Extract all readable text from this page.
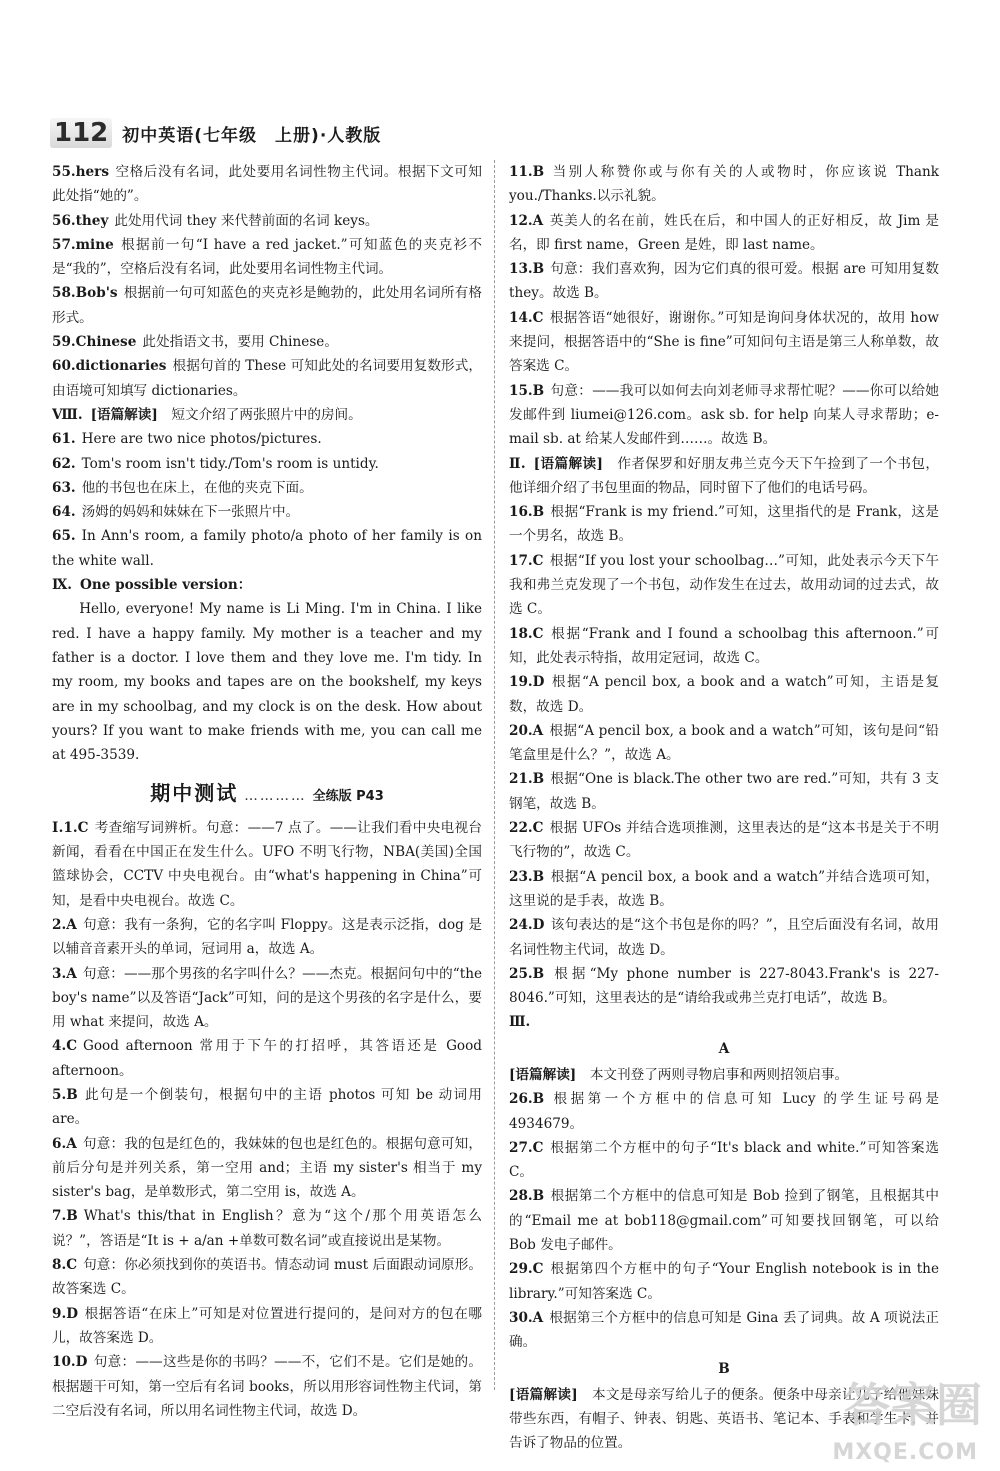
112 初中英语(七年级　上册)·人教版

55.hers 空格后没有名词，此处要用名词性物主代词。根据下文可知此处指“她的”。

56.they 此处用代词 they 来代替前面的名词 keys。

57.mine 根据前一句“I have a red jacket.”可知蓝色的夹克衫不是“我的”，空格后没有名词，此处要用名词性物主代词。

58.Bob's 根据前一句可知蓝色的夹克衫是鲍勃的，此处用名词所有格形式。

59.Chinese 此处指语文书，要用 Chinese。

60.dictionaries 根据句首的 These 可知此处的名词要用复数形式，由语境可知填写 dictionaries。

Ⅷ. [语篇解读]　 短文介绍了两张照片中的房间。

61. Here are two nice photos/pictures.

62. Tom's room isn't tidy./Tom's room is untidy.

63. 他的书包也在床上，在他的夹克下面。

64. 汤姆的妈妈和妹妹在下一张照片中。

65. In Ann's room, a family photo/a photo of her family is on the white wall.

Ⅸ. One possible version：

Hello, everyone! My name is Li Ming. I'm in China. I like red. I have a happy family. My mother is a teacher and my father is a doctor. I love them and they love me. I'm tidy. In my room, my books and tapes are on the bookshelf, my keys are in my schoolbag, and my clock is on the desk. How about yours? If you want to make friends with me, you can call me at 495-3539.

期中测试 ………… 全练版 P43

Ⅰ.1.C 考查缩写词辨析。句意：——7 点了。——让我们看中央电视台新闻，看看在中国正在发生什么。UFO 不明飞行物，NBA(美国)全国篮球协会，CCTV 中央电视台。由“what's happening in China”可知，是看中央电视台。故选 C。

2.A 句意：我有一条狗，它的名字叫 Floppy。这是表示泛指，dog 是以辅音音素开头的单词，冠词用 a，故选 A。

3.A 句意：——那个男孩的名字叫什么？——杰克。根据问句中的“the boy's name”以及答语“Jack”可知，问的是这个男孩的名字是什么，要用 what 来提问，故选 A。

4.C Good afternoon 常用于下午的打招呼，其答语还是 Good afternoon。

5.B 此句是一个倒装句，根据句中的主语 photos 可知 be 动词用 are。

6.A 句意：我的包是红色的，我妹妹的包也是红色的。根据句意可知，前后分句是并列关系，第一空用 and；主语 my sister's 相当于 my sister's bag，是单数形式，第二空用 is，故选 A。

7.B What's this/that in English？意为“这个/那个用英语怎么说？”，答语是“It is + a/an +单数可数名词”或直接说出是某物。

8.C 句意：你必须找到你的英语书。情态动词 must 后面跟动词原形。故答案选 C。

9.D 根据答语“在床上”可知是对位置进行提问的，是问对方的包在哪儿，故答案选 D。

10.D 句意：——这些是你的书吗？——不，它们不是。它们是她的。根据题干可知，第一空后有名词 books，所以用形容词性物主代词，第二空后没有名词，所以用名词性物主代词，故选 D。

11.B 当别人称赞你或与你有关的人或物时，你应该说 Thank you./Thanks.以示礼貌。

12.A 英美人的名在前，姓氏在后，和中国人的正好相反，故 Jim 是名，即 first name，Green 是姓，即 last name。

13.B 句意：我们喜欢狗，因为它们真的很可爱。根据 are 可知用复数 they。故选 B。

14.C 根据答语“她很好，谢谢你。”可知是询问身体状况的，故用 how 来提问，根据答语中的“She is fine”可知问句主语是第三人称单数，故答案选 C。

15.B 句意：——我可以如何去向刘老师寻求帮忙呢？——你可以给她发邮件到 liumei@126.com。ask sb. for help 向某人寻求帮助；e-mail sb. at 给某人发邮件到……。故选 B。

Ⅱ. [语篇解读]　 作者保罗和好朋友弗兰克今天下午捡到了一个书包，他详细介绍了书包里面的物品，同时留下了他们的电话号码。

16.B 根据“Frank is my friend.”可知，这里指代的是 Frank，这是一个男名，故选 B。

17.C 根据“If you lost your schoolbag…”可知，此处表示今天下午我和弗兰克发现了一个书包，动作发生在过去，故用动词的过去式，故选 C。

18.C 根据“Frank and I found a schoolbag this afternoon.”可知，此处表示特指，故用定冠词，故选 C。

19.D 根据“A pencil box, a book and a watch”可知，主语是复数，故选 D。

20.A 根据“A pencil box, a book and a watch”可知，该句是问“铅笔盒里是什么？”，故选 A。

21.B 根据“One is black.The other two are red.”可知，共有 3 支钢笔，故选 B。

22.C 根据 UFOs 并结合选项推测，这里表达的是“这本书是关于不明飞行物的”，故选 C。

23.B 根据“A pencil box, a book and a watch”并结合选项可知，这里说的是手表，故选 B。

24.D 该句表达的是“这个书包是你的吗？”，且空后面没有名词，故用名词性物主代词，故选 D。

25.B 根据“My phone number is 227-8043.Frank's is 227-8046.”可知，这里表达的是“请给我或弗兰克打电话”，故选 B。

Ⅲ.

A

[语篇解读]　 本文刊登了两则寻物启事和两则招领启事。

26.B 根据第一个方框中的信息可知 Lucy 的学生证号码是 4934679。

27.C 根据第二个方框中的句子“It's black and white.”可知答案选 C。

28.B 根据第二个方框中的信息可知是 Bob 捡到了钢笔，且根据其中的“Email me at bob118@gmail.com”可知要找回钢笔，可以给 Bob 发电子邮件。

29.C 根据第四个方框中的句子“Your English notebook is in the library.”可知答案选 C。

30.A 根据第三个方框中的信息可知是 Gina 丢了词典。故 A 项说法正确。

B

[语篇解读]　 本文是母亲写给儿子的便条。便条中母亲让儿子给他妹妹带些东西，有帽子、钟表、钥匙、英语书、笔记本、手表和学生卡，并告诉了物品的位置。

答案圈
MXQE.COM
